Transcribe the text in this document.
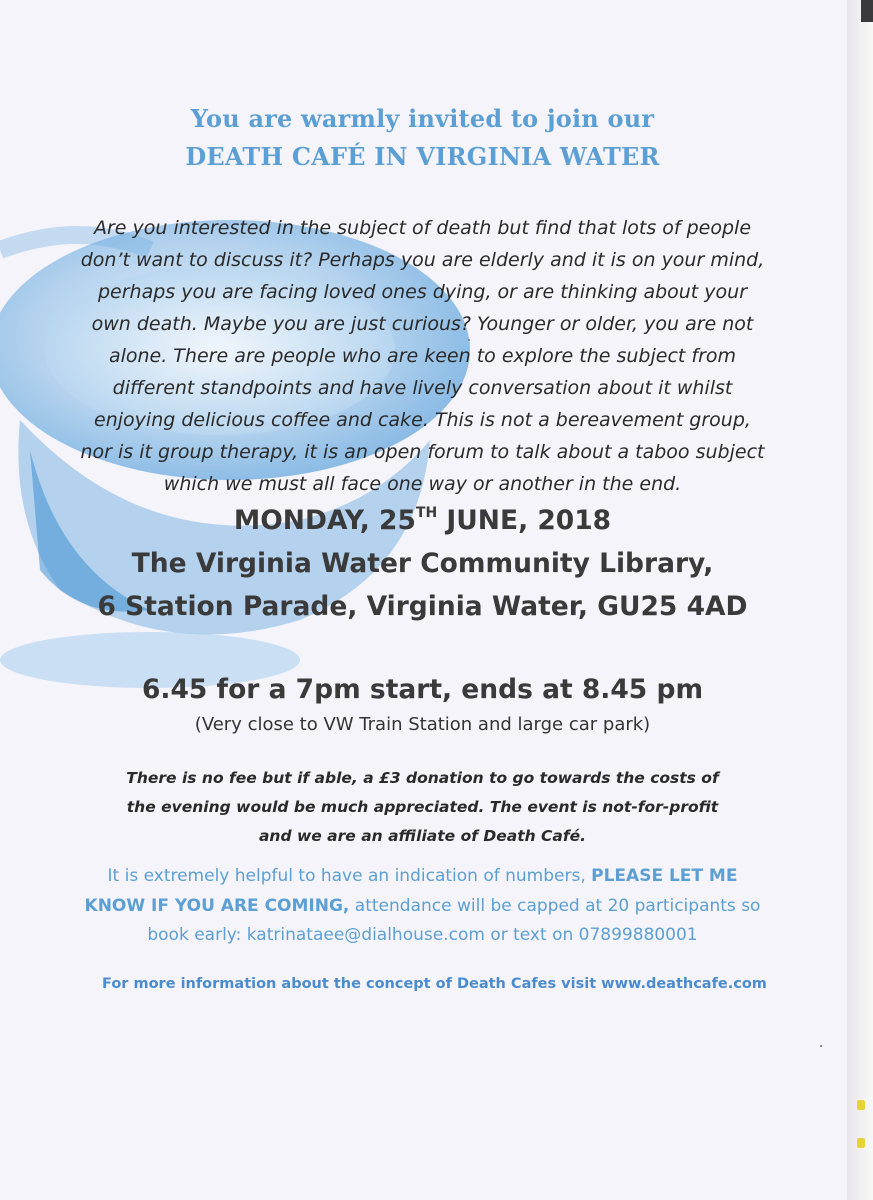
You are warmly invited to join our
DEATH CAFÉ IN VIRGINIA WATER
Are you interested in the subject of death but find that lots of people don’t want to discuss it? Perhaps you are elderly and it is on your mind, perhaps you are facing loved ones dying, or are thinking about your own death. Maybe you are just curious? Younger or older, you are not alone. There are people who are keen to explore the subject from different standpoints and have lively conversation about it whilst enjoying delicious coffee and cake. This is not a bereavement group, nor is it group therapy, it is an open forum to talk about a taboo subject which we must all face one way or another in the end.
MONDAY, 25TH JUNE, 2018
The Virginia Water Community Library,
6 Station Parade, Virginia Water, GU25 4AD
6.45 for a 7pm start, ends at 8.45 pm
(Very close to VW Train Station and large car park)
There is no fee but if able, a £3 donation to go towards the costs of the evening would be much appreciated. The event is not-for-profit and we are an affiliate of Death Café.
It is extremely helpful to have an indication of numbers, PLEASE LET ME KNOW IF YOU ARE COMING, attendance will be capped at 20 participants so book early: katrinataee@dialhouse.com or text on 07899880001
For more information about the concept of Death Cafes visit www.deathcafe.com
